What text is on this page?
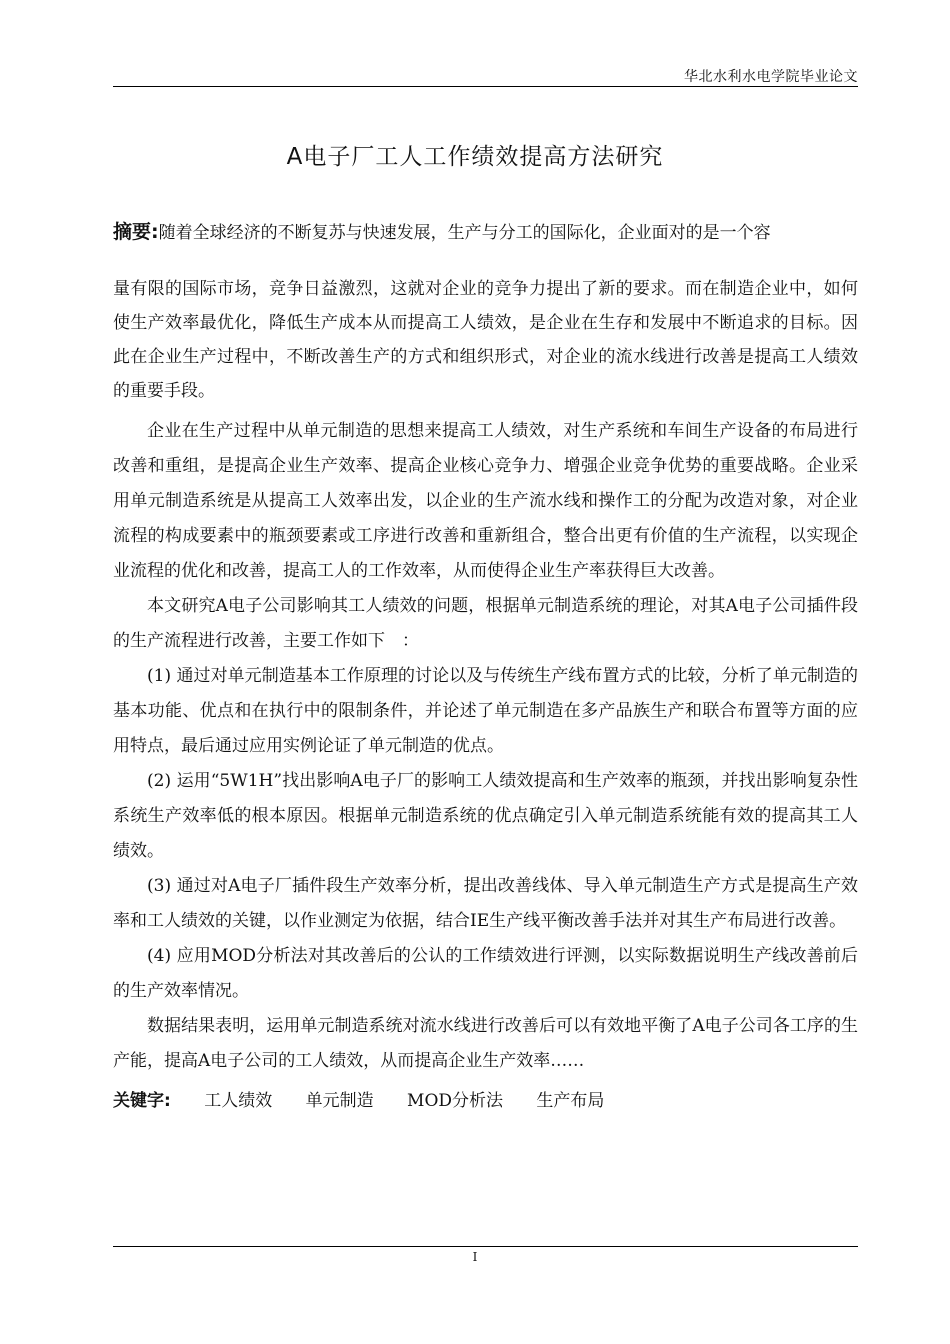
华北水利水电学院毕业论文
A电子厂工人工作绩效提高方法研究

摘要:随着全球经济的不断复苏与快速发展，生产与分工的国际化，企业面对的是一个容
量有限的国际市场，竞争日益激烈，这就对企业的竞争力提出了新的要求。而在制造企业中，如何使生产效率最优化，降低生产成本从而提高工人绩效，是企业在生存和发展中不断追求的目标。因此在企业生产过程中，不断改善生产的方式和组织形式，对企业的流水线进行改善是提高工人绩效的重要手段。

企业在生产过程中从单元制造的思想来提高工人绩效，对生产系统和车间生产设备的布局进行改善和重组，是提高企业生产效率、提高企业核心竞争力、增强企业竞争优势的重要战略。企业采用单元制造系统是从提高工人效率出发，以企业的生产流水线和操作工的分配为改造对象，对企业流程的构成要素中的瓶颈要素或工序进行改善和重新组合，整合出更有价值的生产流程，以实现企业流程的优化和改善，提高工人的工作效率，从而使得企业生产率获得巨大改善。

本文研究A电子公司影响其工人绩效的问题，根据单元制造系统的理论，对其A电子公司插件段的生产流程进行改善，主要工作如下　：

(1) 通过对单元制造基本工作原理的讨论以及与传统生产线布置方式的比较，分析了单元制造的基本功能、优点和在执行中的限制条件，并论述了单元制造在多产品族生产和联合布置等方面的应用特点，最后通过应用实例论证了单元制造的优点。

(2) 运用“5W1H”找出影响A电子厂的影响工人绩效提高和生产效率的瓶颈，并找出影响复杂性系统生产效率低的根本原因。根据单元制造系统的优点确定引入单元制造系统能有效的提高其工人绩效。

(3) 通过对A电子厂插件段生产效率分析，提出改善线体、导入单元制造生产方式是提高生产效率和工人绩效的关键，以作业测定为依据，结合IE生产线平衡改善手法并对其生产布局进行改善。

(4) 应用MOD分析法对其改善后的公认的工作绩效进行评测，以实际数据说明生产线改善前后的生产效率情况。

数据结果表明，运用单元制造系统对流水线进行改善后可以有效地平衡了A电子公司各工序的生产能，提高A电子公司的工人绩效，从而提高企业生产效率……

关键字: 工人绩效 单元制造 MOD分析法 生产布局
I
